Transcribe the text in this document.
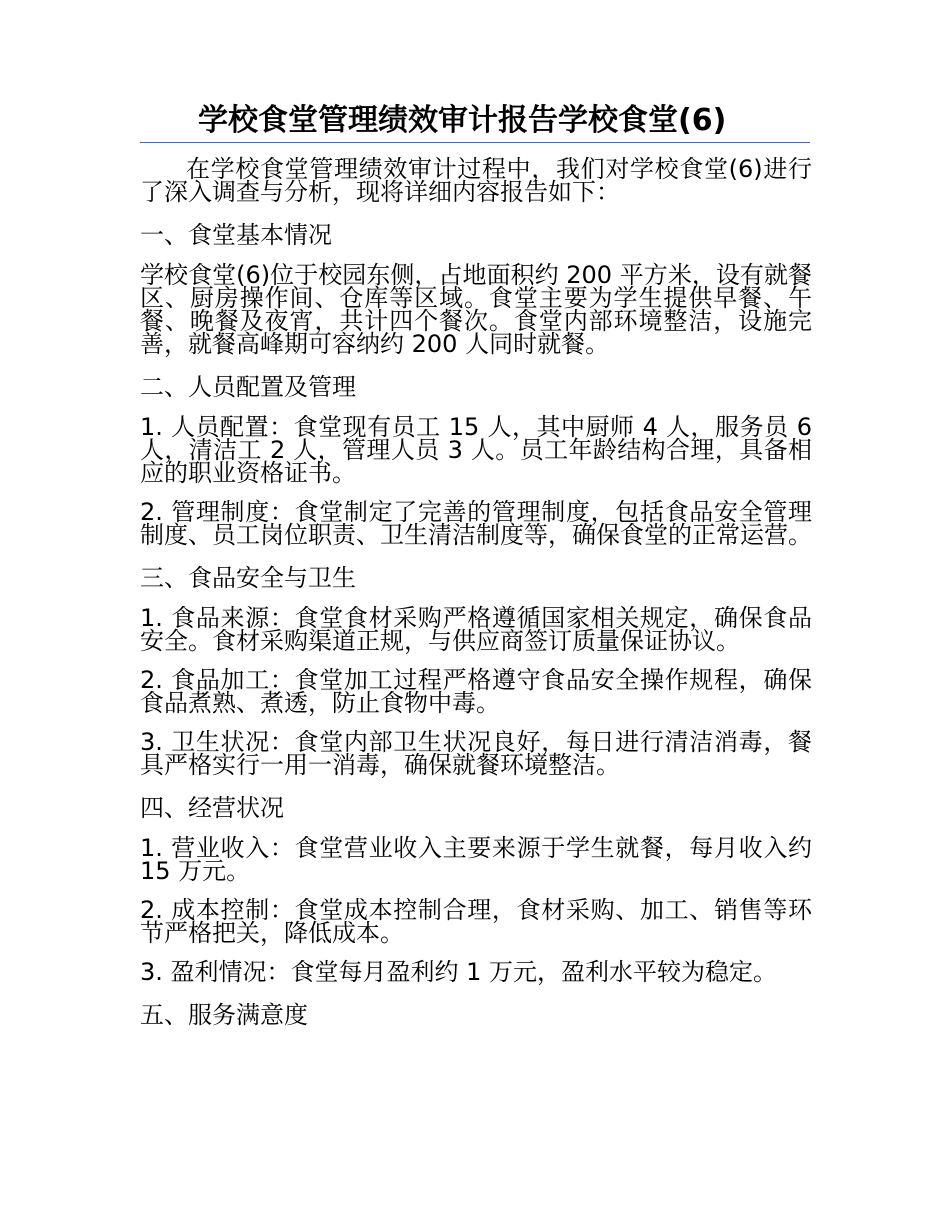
学校食堂管理绩效审计报告学校食堂(6)

在学校食堂管理绩效审计过程中，我们对学校食堂(6)进行了深入调查与分析，现将详细内容报告如下：

一、食堂基本情况

学校食堂(6)位于校园东侧，占地面积约 200 平方米，设有就餐区、厨房操作间、仓库等区域。食堂主要为学生提供早餐、午餐、晚餐及夜宵，共计四个餐次。食堂内部环境整洁，设施完善，就餐高峰期可容纳约 200 人同时就餐。

二、人员配置及管理

1. 人员配置：食堂现有员工 15 人，其中厨师 4 人，服务员 6 人，清洁工 2 人，管理人员 3 人。员工年龄结构合理，具备相应的职业资格证书。

2. 管理制度：食堂制定了完善的管理制度，包括食品安全管理制度、员工岗位职责、卫生清洁制度等，确保食堂的正常运营。

三、食品安全与卫生

1. 食品来源：食堂食材采购严格遵循国家相关规定，确保食品安全。食材采购渠道正规，与供应商签订质量保证协议。

2. 食品加工：食堂加工过程严格遵守食品安全操作规程，确保食品煮熟、煮透，防止食物中毒。

3. 卫生状况：食堂内部卫生状况良好，每日进行清洁消毒，餐具严格实行一用一消毒，确保就餐环境整洁。

四、经营状况

1. 营业收入：食堂营业收入主要来源于学生就餐，每月收入约 15 万元。

2. 成本控制：食堂成本控制合理，食材采购、加工、销售等环节严格把关，降低成本。

3. 盈利情况：食堂每月盈利约 1 万元，盈利水平较为稳定。

五、服务满意度
